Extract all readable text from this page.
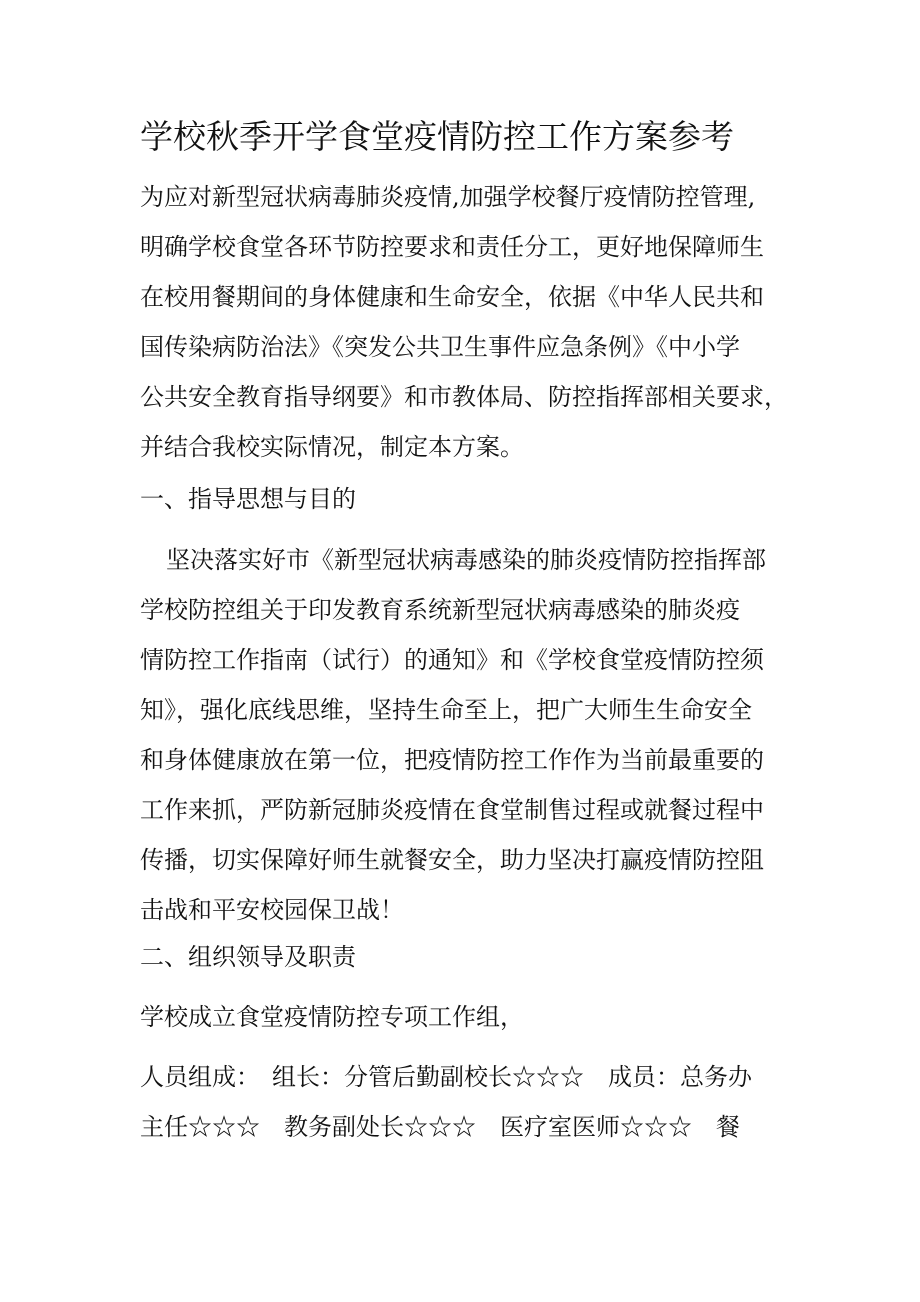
学校秋季开学食堂疫情防控工作方案参考
为应对新型冠状病毒肺炎疫情,加强学校餐厅疫情防控管理,
明确学校食堂各环节防控要求和责任分工，更好地保障师生
在校用餐期间的身体健康和生命安全，依据《中华人民共和
国传染病防治法》《突发公共卫生事件应急条例》《中小学
公共安全教育指导纲要》和市教体局、防控指挥部相关要求，
并结合我校实际情况，制定本方案。
一、指导思想与目的
坚决落实好市《新型冠状病毒感染的肺炎疫情防控指挥部
学校防控组关于印发教育系统新型冠状病毒感染的肺炎疫
情防控工作指南（试行）的通知》和《学校食堂疫情防控须
知》，强化底线思维，坚持生命至上，把广大师生生命安全
和身体健康放在第一位，把疫情防控工作作为当前最重要的
工作来抓，严防新冠肺炎疫情在食堂制售过程或就餐过程中
传播，切实保障好师生就餐安全，助力坚决打赢疫情防控阻
击战和平安校园保卫战！
二、组织领导及职责
学校成立食堂疫情防控专项工作组，
人员组成：　组长：分管后勤副校长☆☆☆　成员：总务办
主任☆☆☆　教务副处长☆☆☆　医疗室医师☆☆☆　餐
